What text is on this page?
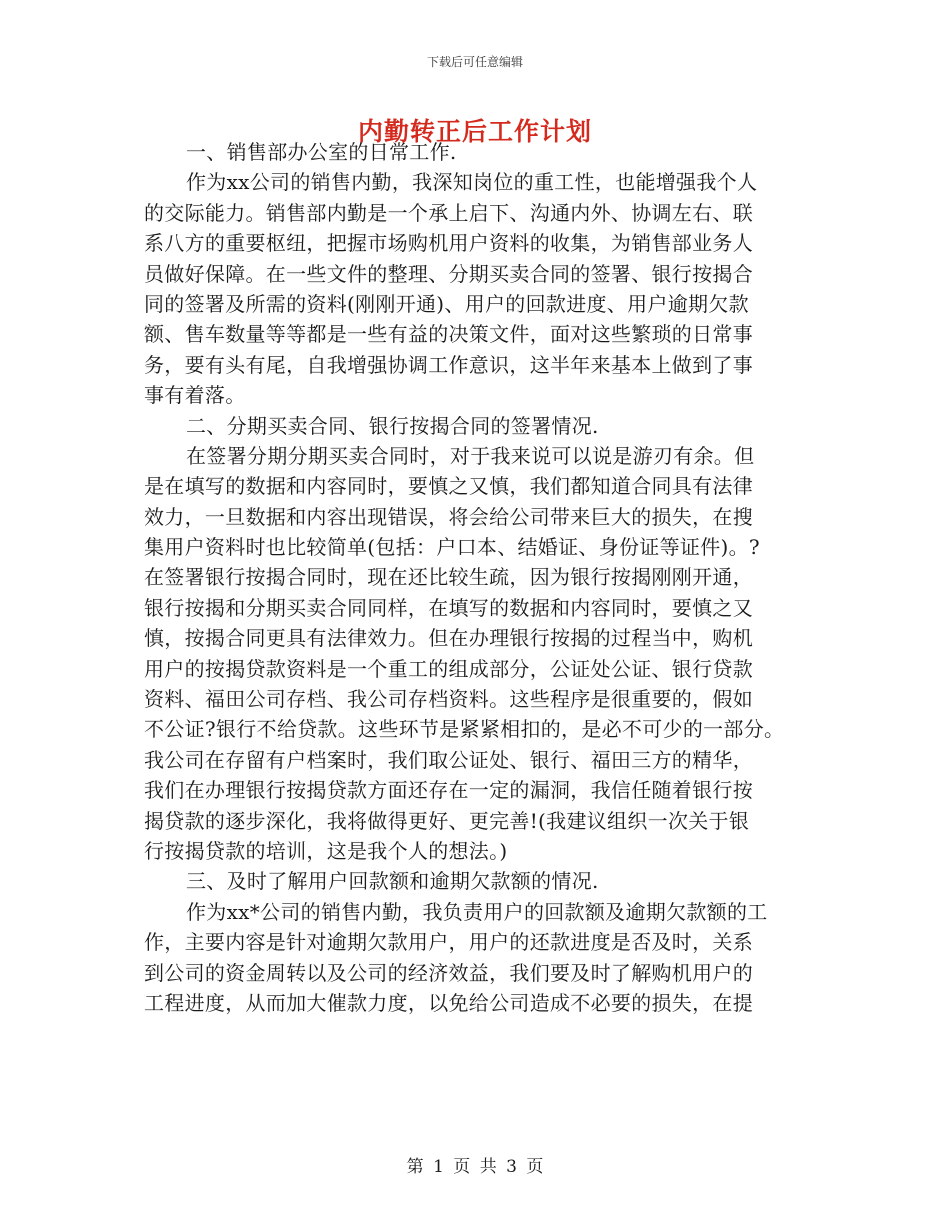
下载后可任意编辑
内勤转正后工作计划
一、销售部办公室的日常工作.
作为xx公司的销售内勤，我深知岗位的重工性，也能增强我个人
的交际能力。销售部内勤是一个承上启下、沟通内外、协调左右、联
系八方的重要枢纽，把握市场购机用户资料的收集，为销售部业务人
员做好保障。在一些文件的整理、分期买卖合同的签署、银行按揭合
同的签署及所需的资料(刚刚开通)、用户的回款进度、用户逾期欠款
额、售车数量等等都是一些有益的决策文件，面对这些繁琐的日常事
务，要有头有尾，自我增强协调工作意识，这半年来基本上做到了事
事有着落。
二、分期买卖合同、银行按揭合同的签署情况.
在签署分期分期买卖合同时，对于我来说可以说是游刃有余。但
是在填写的数据和内容同时，要慎之又慎，我们都知道合同具有法律
效力，一旦数据和内容出现错误，将会给公司带来巨大的损失，在搜
集用户资料时也比较简单(包括：户口本、结婚证、身份证等证件)。?
在签署银行按揭合同时，现在还比较生疏，因为银行按揭刚刚开通，
银行按揭和分期买卖合同同样，在填写的数据和内容同时，要慎之又
慎，按揭合同更具有法律效力。但在办理银行按揭的过程当中，购机
用户的按揭贷款资料是一个重工的组成部分，公证处公证、银行贷款
资料、福田公司存档、我公司存档资料。这些程序是很重要的，假如
不公证?银行不给贷款。这些环节是紧紧相扣的，是必不可少的一部分。
我公司在存留有户档案时，我们取公证处、银行、福田三方的精华，
我们在办理银行按揭贷款方面还存在一定的漏洞，我信任随着银行按
揭贷款的逐步深化，我将做得更好、更完善!(我建议组织一次关于银
行按揭贷款的培训，这是我个人的想法。)
三、及时了解用户回款额和逾期欠款额的情况.
作为xx*公司的销售内勤，我负责用户的回款额及逾期欠款额的工
作，主要内容是针对逾期欠款用户，用户的还款进度是否及时，关系
到公司的资金周转以及公司的经济效益，我们要及时了解购机用户的
工程进度，从而加大催款力度，以免给公司造成不必要的损失，在提
第 1 页 共 3 页
